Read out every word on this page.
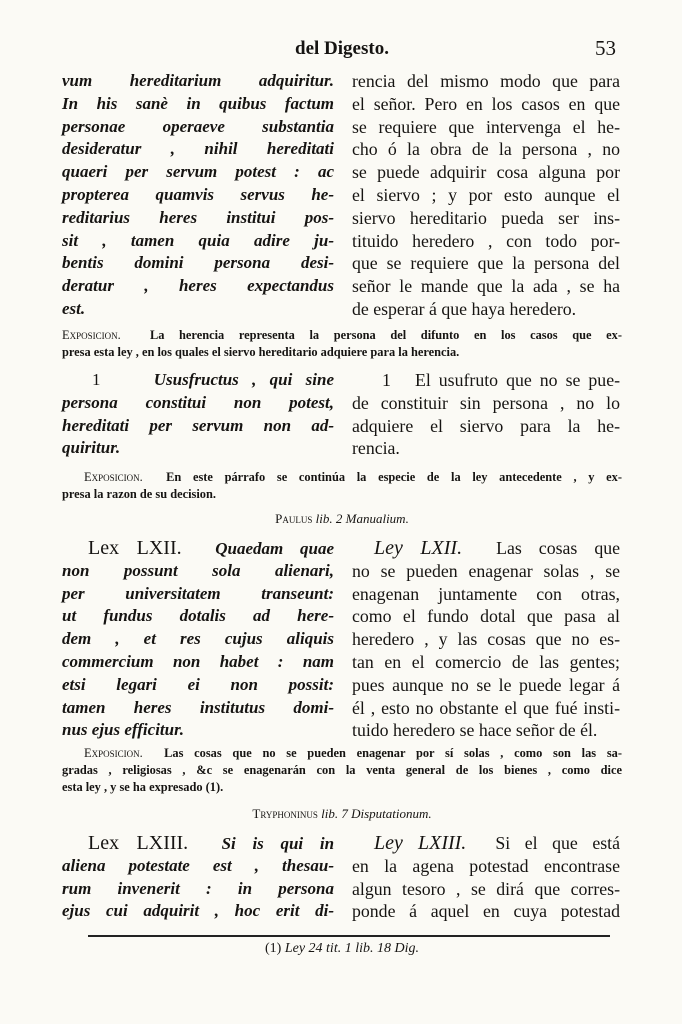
del Digesto.	53
vum hereditarium adquiritur.
In his sanè in quibus factum
personae operaeve substantia
desideratur , nihil hereditati
quaeri per servum potest : ac
propterea quamvis servus he-
reditarius heres institui pos-
sit , tamen quia adire ju-
bentis domini persona desi-
deratur , heres expectandus
est.
rencia del mismo modo que para
el señor. Pero en los casos en que
se requiere que intervenga el he-
cho ó la obra de la persona , no
se puede adquirir cosa alguna por
el siervo ; y por esto aunque el
siervo hereditario pueda ser ins-
tituido heredero , con todo por-
que se requiere que la persona del
señor le mande que la ada , se ha
de esperar á que haya heredero.
Exposicion. La herencia representa la persona del difunto en los casos que ex-
presa esta ley , en los quales el siervo hereditario adquiere para la herencia.
1	Ususfructus , qui sine
persona constitui non potest,
hereditati per servum non ad-
quiritur.
1 El usufruto que no se pue-
de constituir sin persona , no lo
adquiere el siervo para la he-
rencia.
Exposicion. En este párrafo se continúa la especie de la ley antecedente , y ex-
presa la razon de su decision.
Paulus lib. 2 Manualium.
Lex LXII. Quaedam quae
non possunt sola alienari,
per universitatem transeunt:
ut fundus dotalis ad here-
dem , et res cujus aliquis
commercium non habet : nam
etsi legari ei non possit:
tamen heres institutus domi-
nus ejus efficitur.
Ley LXII. Las cosas que
no se pueden enagenar solas , se
enagenan juntamente con otras,
como el fundo dotal que pasa al
heredero , y las cosas que no es-
tan en el comercio de las gentes;
pues aunque no se le puede legar á
él , esto no obstante el que fué insti-
tuido heredero se hace señor de él.
Exposicion. Las cosas que no se pueden enagenar por sí solas , como son las sa-
gradas , religiosas , &c se enagenarán con la venta general de los bienes , como dice
esta ley , y se ha expresado (1).
Tryphoninus lib. 7 Disputationum.
Lex LXIII. Si is qui in
aliena potestate est , thesau-
rum invenerit : in persona
ejus cui adquirit , hoc erit di-
Ley LXIII. Si el que está
en la agena potestad encontrase
algun tesoro , se dirá que corres-
ponde á aquel en cuya potestad
(1) Ley 24 tit. 1 lib. 18 Dig.
